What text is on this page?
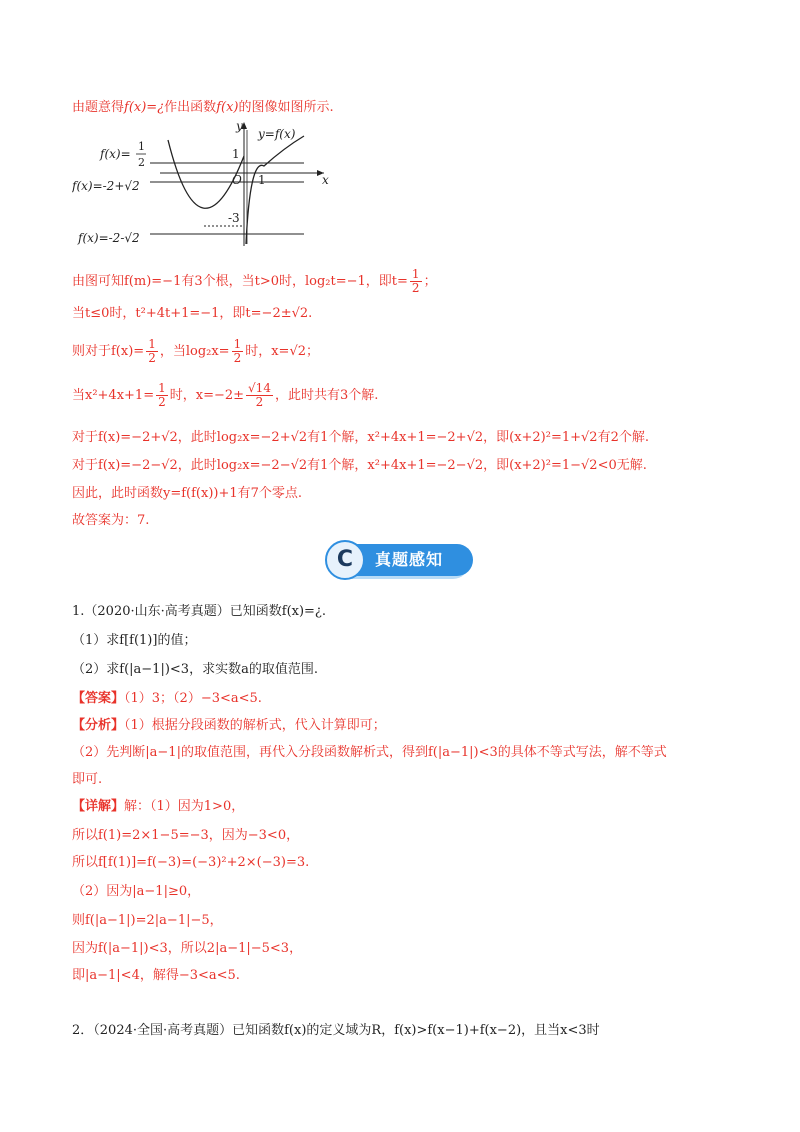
由题意得f(x)=¿作出函数f(x)的图像如图所示.
y
x
y=f(x)
f(x)=
1
2
f(x)=-2+√2
f(x)=-2-√2
1
O 1
-3
由图可知f(m)=−1有3个根，当t>0时，log₂t=−1，即$t= \frac{1}{2}$ ；
当t≤0时，t²+4t+1=−1，即t=−2±√2.
则对于$f(x)= \frac{1}{2}$ ，当$\log_2x= \frac{1}{2}$ 时，x=√2；
当$x^2+4x+1= \frac{1}{2}$ 时，$x=-2\pm \frac{√14}{2}$ ，此时共有3个解.
对于f(x)=−2+√2，此时log₂x=−2+√2有1个解，x²+4x+1=−2+√2，即(x+2)²=1+√2有2个解.
对于f(x)=−2−√2，此时log₂x=−2−√2有1个解，x²+4x+1=−2−√2，即(x+2)²=1−√2<0无解.
因此，此时函数y=f(f(x))+1有7个零点.
故答案为：7.
真题感知
C
1.（2020·山东·高考真题）已知函数f(x)=¿.
（1）求f[f(1)]的值；
（2）求f(|a−1|)<3，求实数a的取值范围.
【答案】（1）3；（2）−3<a<5.
【分析】（1）根据分段函数的解析式，代入计算即可；
（2）先判断|a−1|的取值范围，再代入分段函数解析式，得到f(|a−1|)<3的具体不等式写法，解不等式
即可.
【详解】解：（1）因为1>0，
所以f(1)=2×1−5=−3，因为−3<0，
所以f[f(1)]=f(−3)=(−3)²+2×(−3)=3.
（2）因为|a−1|≥0，
则f(|a−1|)=2|a−1|−5，
因为f(|a−1|)<3，所以2|a−1|−5<3，
即|a−1|<4，解得−3<a<5.
2．（2024·全国·高考真题）已知函数f(x)的定义域为R，f(x)>f(x−1)+f(x−2)，且当x<3时
